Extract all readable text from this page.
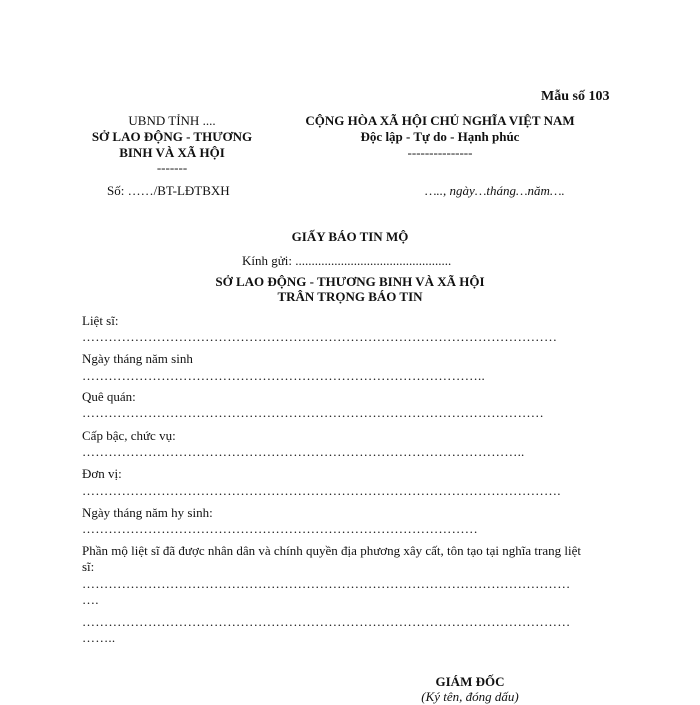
Mẫu số 103
UBND TỈNH ....
SỞ LAO ĐỘNG - THƯƠNG
BINH VÀ XÃ HỘI
-------
Số: ……/BT-LĐTBXH
CỘNG HÒA XÃ HỘI CHỦ NGHĨA VIỆT NAM
Độc lập - Tự do - Hạnh phúc
---------------
….., ngày…tháng…năm….
GIẤY BÁO TIN MỘ
Kính gửi: ................................................
SỞ LAO ĐỘNG - THƯƠNG BINH VÀ XÃ HỘI
TRÂN TRỌNG BÁO TIN
Liệt sĩ:
………………………………………………………………………………………………
Ngày tháng năm sinh
………………………………………………………………………………..
Quê quán:
……………………………………………………………………………………………
Cấp bậc, chức vụ:
………………………………………………………………………………………..
Đơn vị:
……………………………………………………………………………………………….
Ngày tháng năm hy sinh:
………………………………………………………………………………
Phần mộ liệt sĩ đã được nhân dân và chính quyền địa phương xây cất, tôn tạo tại nghĩa trang liệt
sĩ:
…………………………………………………………………………………………………
….
…………………………………………………………………………………………………
……..
GIÁM ĐỐC
(Ký tên, đóng dấu)
